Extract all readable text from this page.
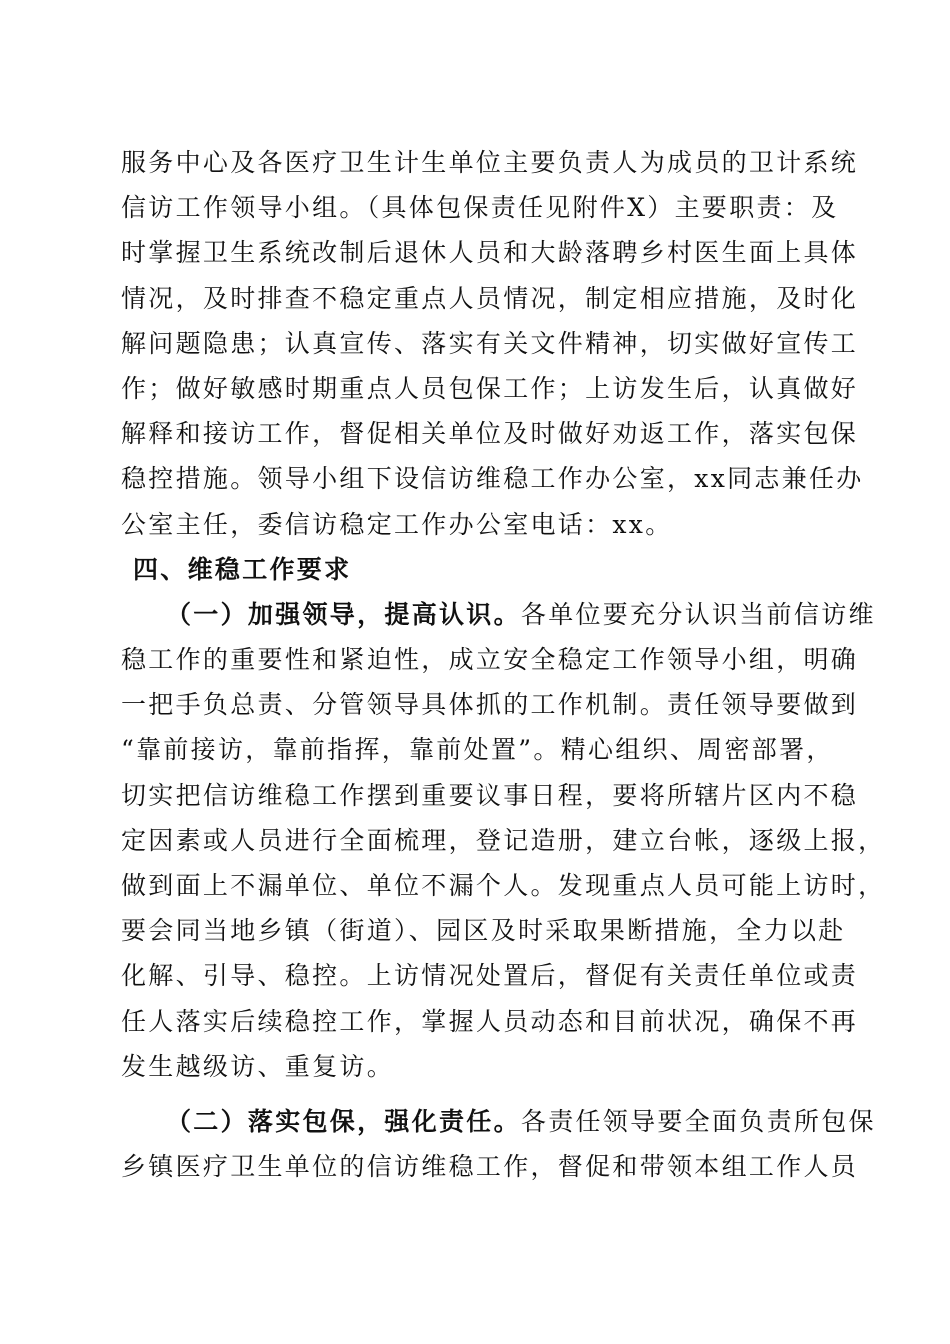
服务中心及各医疗卫生计生单位主要负责人为成员的卫计系统
信访工作领导小组。（具体包保责任见附件X）主要职责：及
时掌握卫生系统改制后退休人员和大龄落聘乡村医生面上具体
情况，及时排查不稳定重点人员情况，制定相应措施，及时化
解问题隐患；认真宣传、落实有关文件精神，切实做好宣传工
作；做好敏感时期重点人员包保工作；上访发生后，认真做好
解释和接访工作，督促相关单位及时做好劝返工作，落实包保
稳控措施。领导小组下设信访维稳工作办公室，xx同志兼任办
公室主任，委信访稳定工作办公室电话：xx。
四、维稳工作要求
（一）加强领导，提高认识。各单位要充分认识当前信访维
稳工作的重要性和紧迫性，成立安全稳定工作领导小组，明确
一把手负总责、分管领导具体抓的工作机制。责任领导要做到
“靠前接访，靠前指挥，靠前处置”。精心组织、周密部署，
切实把信访维稳工作摆到重要议事日程，要将所辖片区内不稳
定因素或人员进行全面梳理，登记造册，建立台帐，逐级上报，
做到面上不漏单位、单位不漏个人。发现重点人员可能上访时，
要会同当地乡镇（街道）、园区及时采取果断措施，全力以赴
化解、引导、稳控。上访情况处置后，督促有关责任单位或责
任人落实后续稳控工作，掌握人员动态和目前状况，确保不再
发生越级访、重复访。
（二）落实包保，强化责任。各责任领导要全面负责所包保
乡镇医疗卫生单位的信访维稳工作，督促和带领本组工作人员
